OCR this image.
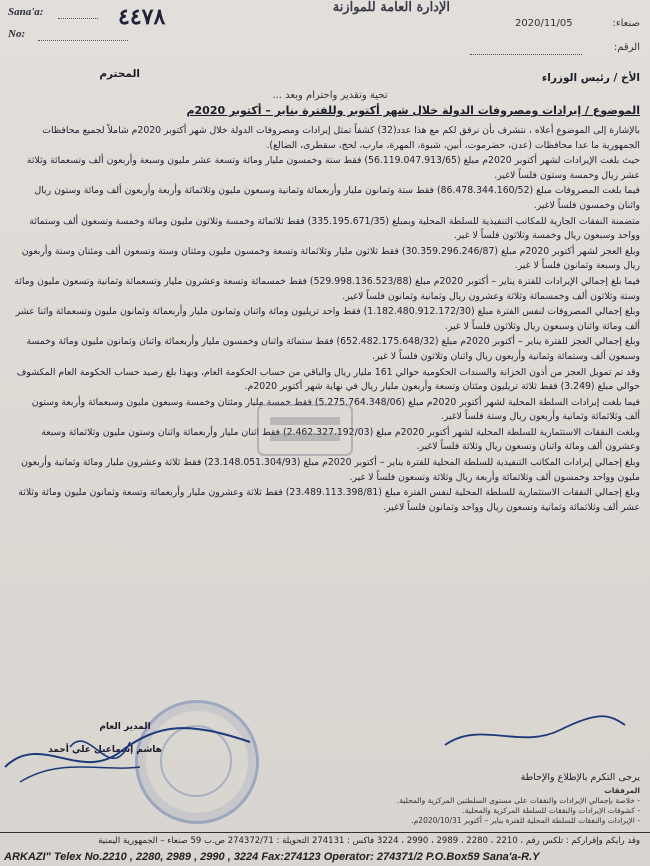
Sana'a:
No:
٤٤٧٨	الإدارة العامة للموازنة
صنعاء:
2020/11/05
الرقم:
الأخ / رئيس الوزراء
المحترم
تحية وتقدير واحترام وبعد ...
الموضوع / إيرادات ومصروفات الدولة خلال شهر أكتوبر وللفترة يناير – أكتوبر 2020م

بالإشارة إلى الموضوع أعلاه ، نتشرف بأن نرفق لكم مع هذا عدد(32) كشفاً تمثل إيرادات ومصروفات الدولة خلال شهر أكتوبر 2020م شاملاً لجميع محافظات الجمهورية ما عدا محافظات (عدن، حضرموت، أبين، شبوة، المهرة، مارب، لحج، سقطرى، الضالع).

حيث بلغت الإيرادات لشهر أكتوبر 2020م مبلغ (56.119.047.913/65) فقط ستة وخمسون مليار ومائة وتسعة عشر مليون وسبعة وأربعون ألف وتسعمائة وثلاثة عشر ريال وخمسة وستون فلساً لاغير.

فيما بلغت المصروفات مبلغ (86.478.344.160/52) فقط ستة وثمانون مليار وأربعمائة وثمانية وسبعون مليون وثلاثمائة وأربعة وأربعون ألف ومائة وستون ريال واثنان وخمسون فلساً لاغير.

متضمنة النفقات الجارية للمكاتب التنفيذية للسلطة المحلية وبمبلغ (335.195.671/35) فقط ثلاثمائة وخمسة وثلاثون مليون ومائة وخمسة وتسعون ألف وستمائة وواحد وسبعون ريال وخمسة وثلاثون فلساً لا غير.

وبلغ العجز لشهر أكتوبر 2020م مبلغ (30.359.296.246/87) فقط ثلاثون مليار وثلاثمائة وتسعة وخمسون مليون ومئتان وستة وتسعون ألف ومئتان وستة وأربعون ريال وسبعة وثمانون فلساً لا غير.

فيما بلغ إجمالي الإيرادات للفترة يناير – أكتوبر 2020م مبلغ (529.998.136.523/88) فقط خمسمائة وتسعة وعشرون مليار وتسعمائة وثمانية وتسعون مليون ومائة وستة وثلاثون ألف وخمسمائة وثلاثة وعشرون ريال وثمانية وثمانون فلساً لاغير.

وبلغ إجمالي المصروفات لنفس الفترة مبلغ (1.182.480.912.172/30) فقط واحد تريليون ومائة واثنان وثمانون مليار وأربعمائة وثمانون مليون وتسعمائة واثنا عشر ألف ومائة واثنان وسبعون ريال وثلاثون فلساً لا غير.

وبلغ إجمالي العجز للفترة يناير – أكتوبر 2020م مبلغ (652.482.175.648/32) فقط ستمائة واثنان وخمسون مليار وأربعمائة واثنان وثمانون مليون ومائة وخمسة وسبعون ألف وستمائة وثمانية وأربعون ريال واثنان وثلاثون فلساً لا غير.

وقد تم تمويل العجز من أذون الخزانة والسندات الحكومية حوالي 161 مليار ريال والباقي من حساب الحكومة العام، وبهذا بلغ رصيد حساب الحكومة العام المكشوف حوالي مبلغ (3.249) فقط ثلاثة تريليون ومئتان وتسعة وأربعون مليار ريال في نهاية شهر أكتوبر 2020م.

فيما بلغت إيرادات السلطة المحلية لشهر أكتوبر 2020م مبلغ (5.275.764.348/06) فقط خمسة مليار ومئتان وخمسة وسبعون مليون وسبعمائة وأربعة وستون ألف وثلاثمائة وثمانية وأربعون ريال وستة فلساً لاغير.

وبلغت النفقات الاستثمارية للسلطة المحلية لشهر أكتوبر 2020م مبلغ (2.462.327.192/03) فقط اثنان مليار وأربعمائة واثنان وستون مليون وثلاثمائة وسبعة وعشرون ألف ومائة واثنان وتسعون ريال وثلاثة فلساً لاغير.

وبلغ إجمالي إيرادات المكاتب التنفيذية للسلطة المحلية للفترة يناير – أكتوبر 2020م مبلغ (23.148.051.304/93) فقط ثلاثة وعشرون مليار ومائة وثمانية وأربعون مليون وواحد وخمسون ألف وثلاثمائة وأربعة ريال وثلاثة وتسعون فلساً لا غير.

وبلغ إجمالي النفقات الاستثمارية للسلطة المحلية لنفس الفترة مبلغ (23.489.113.398/81) فقط ثلاثة وعشرون مليار وأربعمائة وتسعة وثمانون مليون ومائة وثلاثة عشر ألف وثلاثمائة وثمانية وتسعون ريال وواحد وثمانون فلساً لاغير.

يرجى التكرم بالإطلاع والإحاطة
المرفقات
- خلاصة بإجمالي الإيرادات والنفقات على مستوى السلطتين المركزية والمحلية.
- كشوفات الإيرادات والنفقات للسلطة المركزية والمحلية.
- الإيرادات والنفقات للسلطة المحلية للفترة يناير – أكتوبر 2020/10/31م.
المدير العام
هاشم إسماعيل علي أحمد
وقد رأيكم وإقراركم : تلكس رقم ، 2210 ، 2280 ، 2989 ، 2990 ، 3224 فاكس : 274131 التحويلة : 274372/71 ص.ب 59 صنعاء – الجمهورية اليمنية
ARKAZI" Telex No.2210 , 2280, 2989 , 2990 , 3224 Fax:274123 Operator: 274371/2 P.O.Box59 Sana'a-R.Y
